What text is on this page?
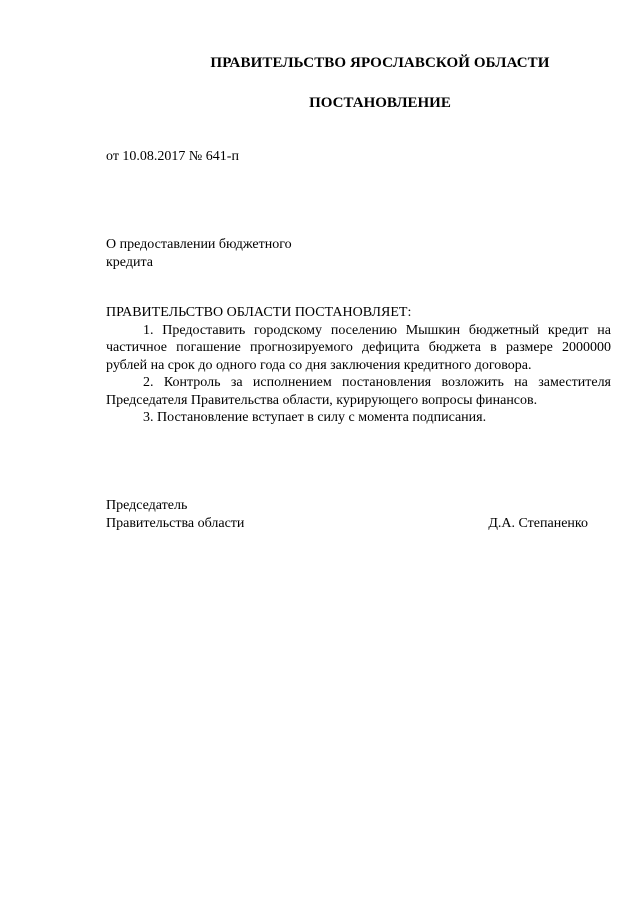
ПРАВИТЕЛЬСТВО ЯРОСЛАВСКОЙ ОБЛАСТИ
ПОСТАНОВЛЕНИЕ
от 10.08.2017 № 641-п
О предоставлении бюджетного
кредита

ПРАВИТЕЛЬСТВО ОБЛАСТИ ПОСТАНОВЛЯЕТ:

1. Предоставить городскому поселению Мышкин бюджетный кредит на частичное погашение прогнозируемого дефицита бюджета в размере 2000000 рублей на срок до одного года со дня заключения кредитного договора.

2. Контроль за исполнением постановления возложить на заместителя Председателя Правительства области, курирующего вопросы финансов.

3. Постановление вступает в силу с момента подписания.

Председатель
Правительства области	Д.А. Степаненко
